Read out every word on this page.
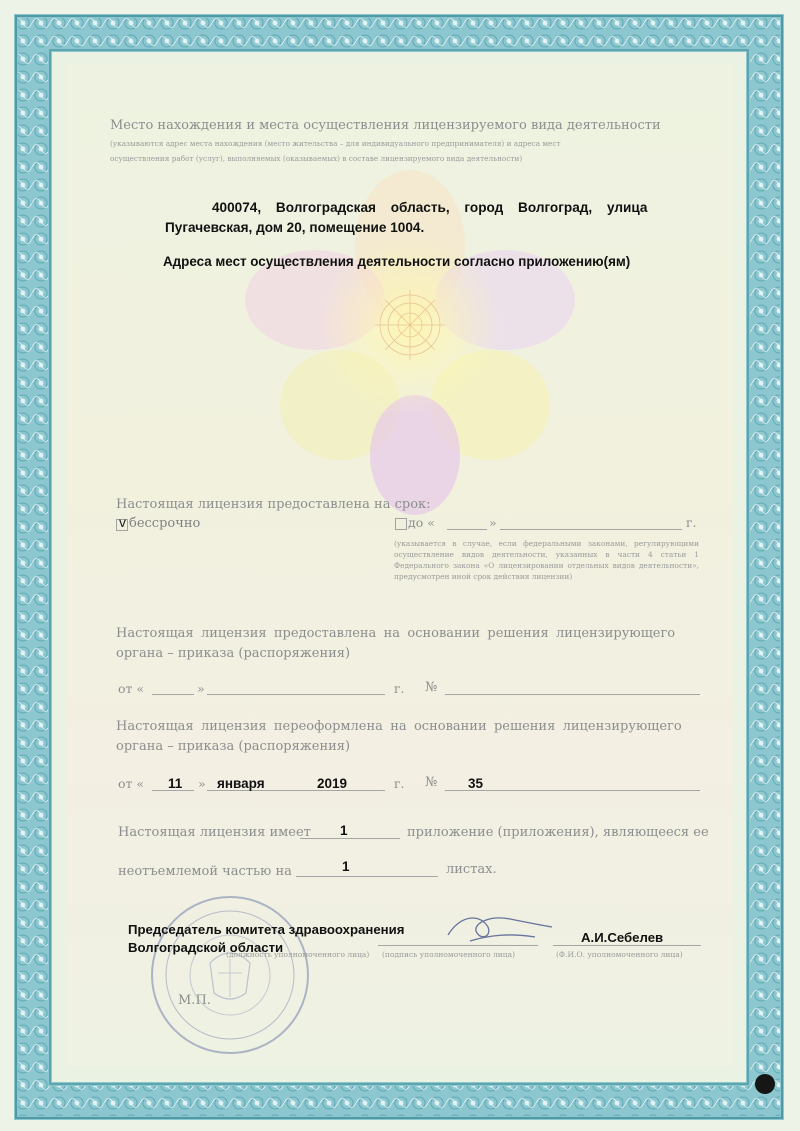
Место нахождения и места осуществления лицензируемого вида деятельности
(указываются адрес места нахождения (место жительства – для индивидуального предпринимателя) и адреса мест
осуществления работ (услуг), выполняемых (оказываемых) в составе лицензируемого вида деятельности)
400074, Волгоградская область, город Волгоград, улица
Пугачевская, дом 20, помещение 1004.
Адреса мест осуществления деятельности согласно приложению(ям)
Настоящая лицензия предоставлена на срок:
v бессрочно	до «	»	г.
(указывается в случае, если федеральными законами, регулирующими осуществление видов деятельности, указанных в части 4 статьи 1 Федерального закона «О лицензировании отдельных видов деятельности», предусмотрен иной срок действия лицензии)
Настоящая лицензия предоставлена на основании решения лицензирующего
органа – приказа (распоряжения)
от «	»	г. №
Настоящая лицензия переоформлена на основании решения лицензирующего
органа – приказа (распоряжения)
от « 11 » января	2019	г. № 35
Настоящая лицензия имеет 1	приложение (приложения), являющееся ее
неотъемлемой частью на	1	листах.
Председатель комитета здравоохранения
Волгоградской области
(должность уполномоченного лица) (подпись уполномоченного лица)
А.И.Себелев
(Ф.И.О. уполномоченного лица)
М.П.
